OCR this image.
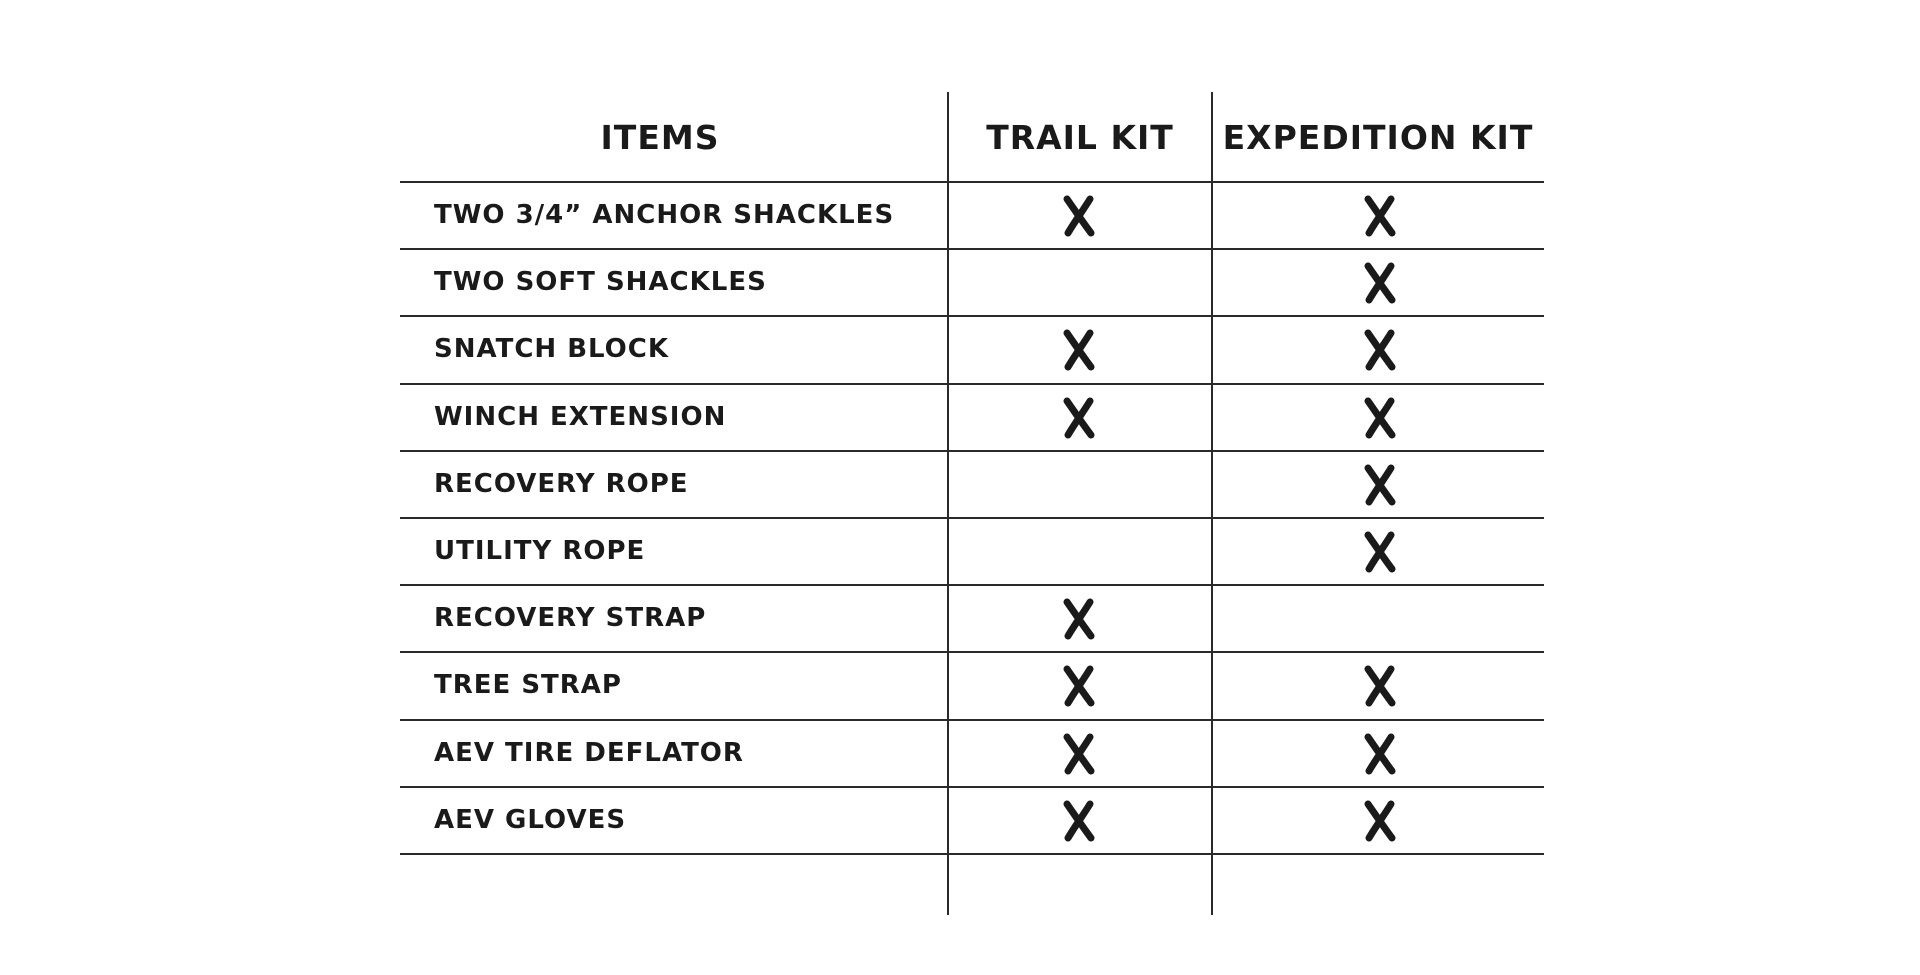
ITEMS	TRAIL KIT	EXPEDITION KIT
TWO 3/4” ANCHOR SHACKLES
TWO SOFT SHACKLES
SNATCH BLOCK
WINCH EXTENSION
RECOVERY ROPE
UTILITY ROPE
RECOVERY STRAP
TREE STRAP
AEV TIRE DEFLATOR
AEV GLOVES
